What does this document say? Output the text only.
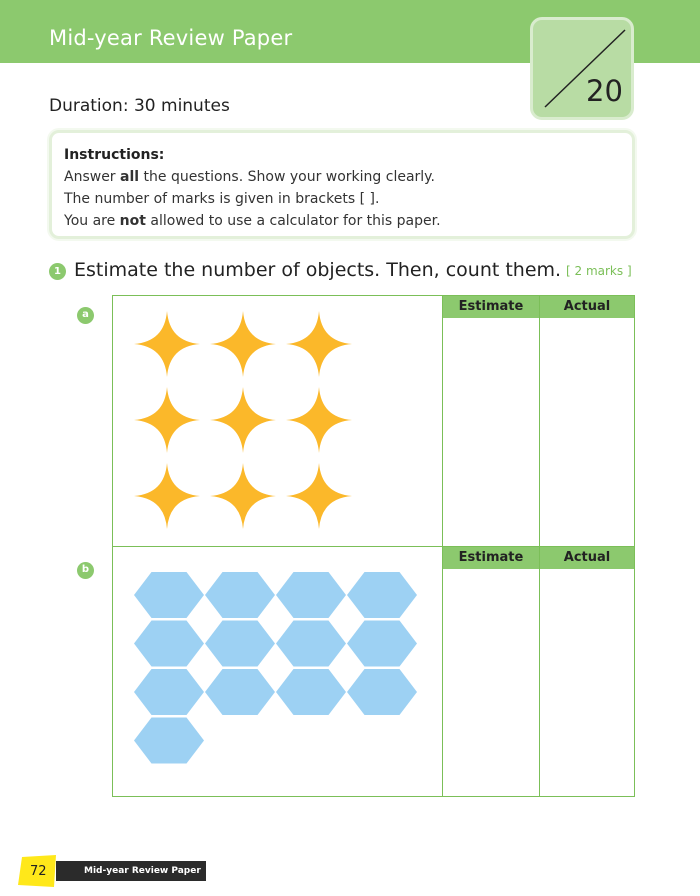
Mid-year Review Paper
20
Duration: 30 minutes
Instructions:
Answer all the questions. Show your working clearly.
The number of marks is given in brackets [ ].
You are not allowed to use a calculator for this paper.
1 Estimate the number of objects. Then, count them. [ 2 marks ]
a
Estimate	Actual
b
Estimate	Actual
72	Mid-year Review Paper
